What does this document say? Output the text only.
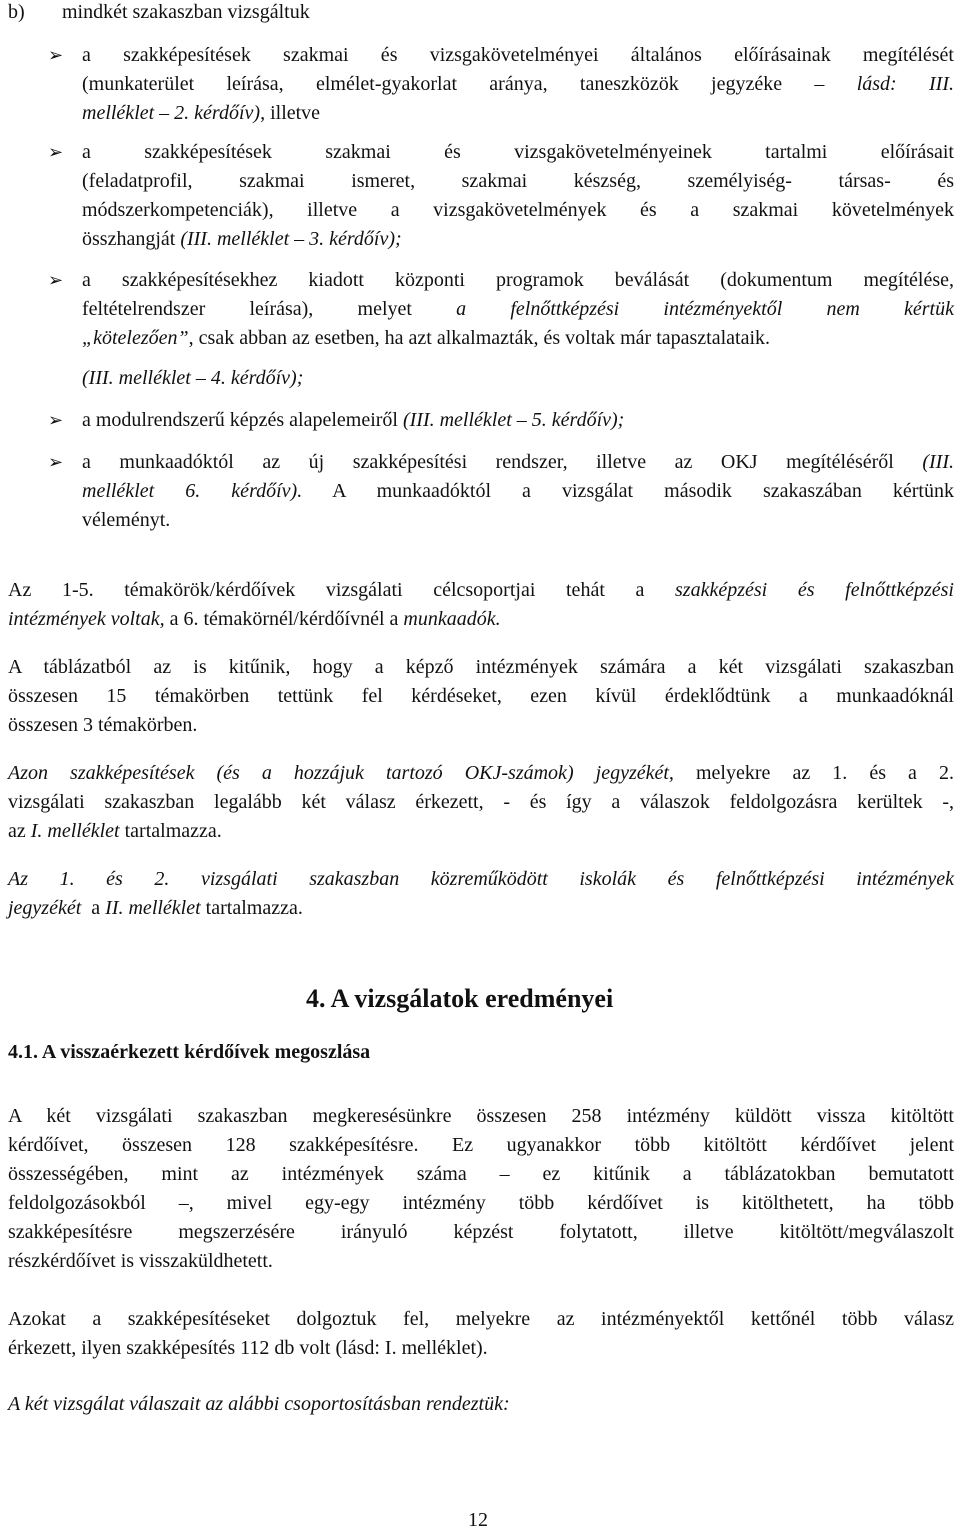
b) mindkét szakaszban vizsgáltuk
➢ a szakképesítések szakmai és vizsgakövetelményei általános előírásainak megítélését
(munkaterület leírása, elmélet-gyakorlat aránya, taneszközök jegyzéke – lásd: III.
melléklet – 2. kérdőív), illetve
➢ a szakképesítések szakmai és vizsgakövetelményeinek tartalmi előírásait
(feladatprofil, szakmai ismeret, szakmai készség, személyiség- társas- és
módszerkompetenciák), illetve a vizsgakövetelmények és a szakmai követelmények
összhangját (III. melléklet – 3. kérdőív);
➢ a szakképesítésekhez kiadott központi programok beválását (dokumentum megítélése,
feltételrendszer leírása), melyet a felnőttképzési intézményektől nem kértük
„kötelezően”, csak abban az esetben, ha azt alkalmazták, és voltak már tapasztalataik.
(III. melléklet – 4. kérdőív);
➢ a modulrendszerű képzés alapelemeiről (III. melléklet – 5. kérdőív);
➢ a munkaadóktól az új szakképesítési rendszer, illetve az OKJ megítéléséről (III.
melléklet 6. kérdőív). A munkaadóktól a vizsgálat második szakaszában kértünk
véleményt.
Az 1-5. témakörök/kérdőívek vizsgálati célcsoportjai tehát a szakképzési és felnőttképzési
intézmények voltak, a 6. témakörnél/kérdőívnél a munkaadók.
A táblázatból az is kitűnik, hogy a képző intézmények számára a két vizsgálati szakaszban
összesen 15 témakörben tettünk fel kérdéseket, ezen kívül érdeklődtünk a munkaadóknál
összesen 3 témakörben.
Azon szakképesítések (és a hozzájuk tartozó OKJ-számok) jegyzékét, melyekre az 1. és a 2.
vizsgálati szakaszban legalább két válasz érkezett, - és így a válaszok feldolgozásra kerültek -,
az I. melléklet tartalmazza.
Az 1. és 2. vizsgálati szakaszban közreműködött iskolák és felnőttképzési intézmények
jegyzékét  a II. melléklet tartalmazza.
4. A vizsgálatok eredményei
4.1. A visszaérkezett kérdőívek megoszlása
A két vizsgálati szakaszban megkeresésünkre összesen 258 intézmény küldött vissza kitöltött
kérdőívet, összesen 128 szakképesítésre. Ez ugyanakkor több kitöltött kérdőívet jelent
összességében, mint az intézmények száma – ez kitűnik a táblázatokban bemutatott
feldolgozásokból –, mivel egy-egy intézmény több kérdőívet is kitölthetett, ha több
szakképesítésre megszerzésére irányuló képzést folytatott, illetve kitöltött/megválaszolt
részkérdőívet is visszaküldhetett.
Azokat a szakképesítéseket dolgoztuk fel, melyekre az intézményektől kettőnél több válasz
érkezett, ilyen szakképesítés 112 db volt (lásd: I. melléklet).
A két vizsgálat válaszait az alábbi csoportosításban rendeztük:
12
